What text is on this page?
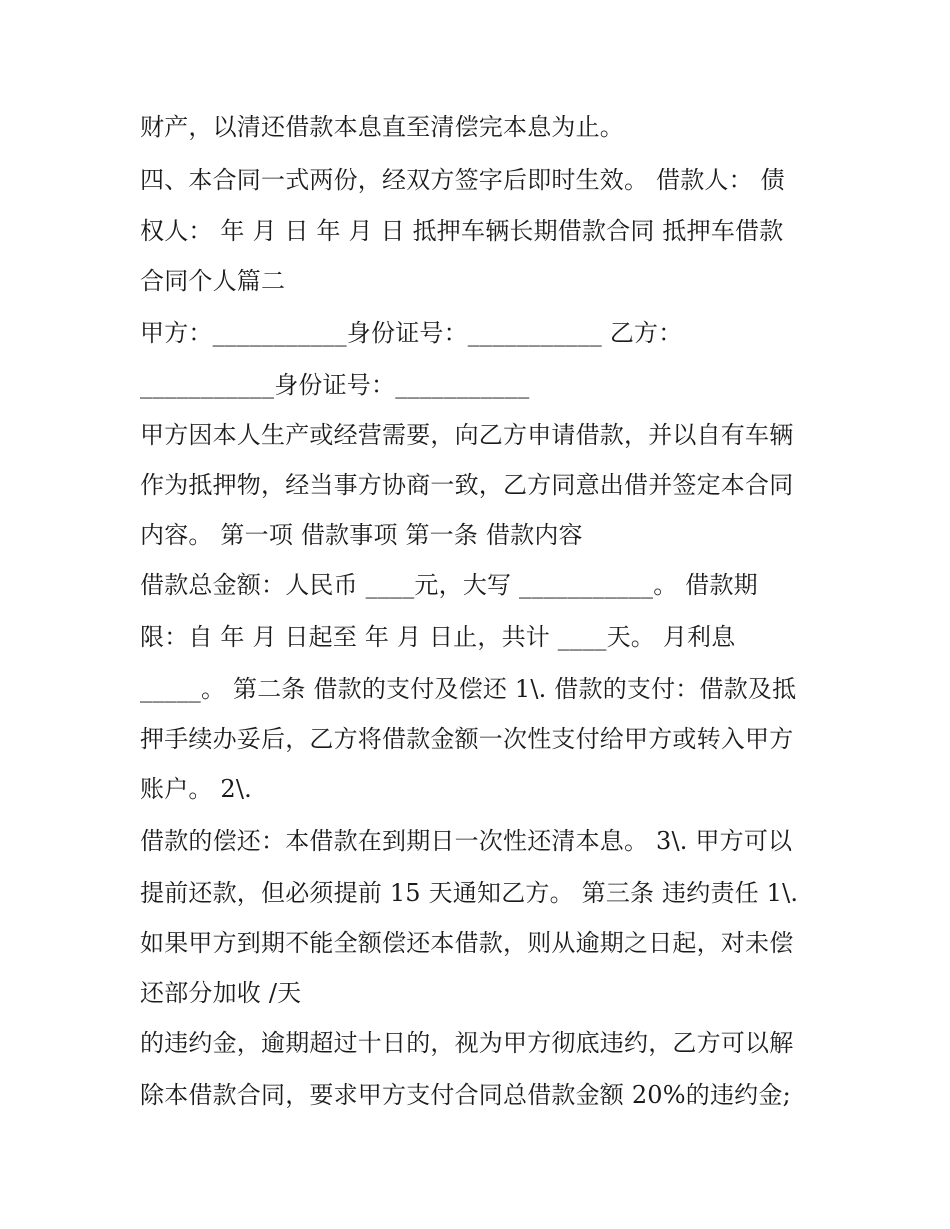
财产，以清还借款本息直至清偿完本息为止。
四、本合同一式两份，经双方签字后即时生效。 借款人： 债
权人： 年 月 日 年 月 日 抵押车辆长期借款合同 抵押车借款
合同个人篇二
甲方：___________身份证号：___________ 乙方：
___________身份证号：___________
甲方因本人生产或经营需要，向乙方申请借款，并以自有车辆
作为抵押物，经当事方协商一致，乙方同意出借并签定本合同
内容。 第一项 借款事项 第一条 借款内容
借款总金额：人民币 ____元，大写 ___________。 借款期
限：自 年 月 日起至 年 月 日止，共计 ____天。 月利息
_____。 第二条 借款的支付及偿还 1\. 借款的支付：借款及抵
押手续办妥后，乙方将借款金额一次性支付给甲方或转入甲方
账户。 2\.
借款的偿还：本借款在到期日一次性还清本息。 3\. 甲方可以
提前还款，但必须提前 15 天通知乙方。 第三条 违约责任 1\.
如果甲方到期不能全额偿还本借款，则从逾期之日起，对未偿
还部分加收 /天
的违约金，逾期超过十日的，视为甲方彻底违约，乙方可以解
除本借款合同，要求甲方支付合同总借款金额 20%的违约金;
